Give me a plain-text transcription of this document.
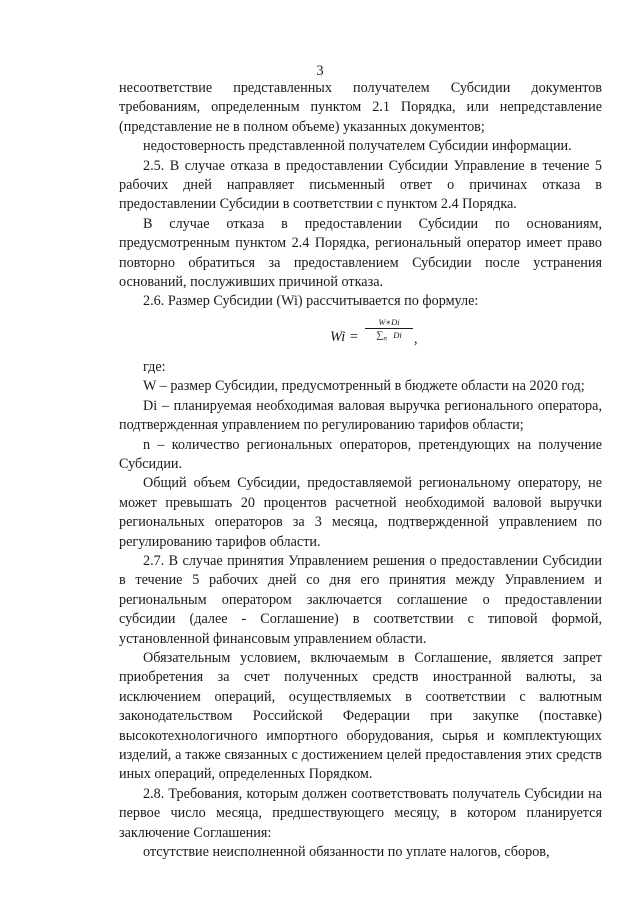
3

несоответствие представленных получателем Субсидии документов требованиям, определенным пунктом 2.1 Порядка, или непредставление (представление не в полном объеме) указанных документов;

недостоверность представленной получателем Субсидии информации.

2.5. В случае отказа в предоставлении Субсидии Управление в течение 5 рабочих дней направляет письменный ответ о причинах отказа в предоставлении Субсидии в соответствии с пунктом 2.4 Порядка.

В случае отказа в предоставлении Субсидии по основаниям, предусмотренным пунктом 2.4 Порядка, региональный оператор имеет право повторно обратиться за предоставлением Субсидии после устранения оснований, послуживших причиной отказа.

2.6. Размер Субсидии (Wi) рассчитывается по формуле:

$Wi = \frac{W∗Di}{\sum_n Di}$ ,

где:

W – размер Субсидии, предусмотренный в бюджете области на 2020 год;

Di – планируемая необходимая валовая выручка регионального оператора, подтвержденная управлением по регулированию тарифов области;

n – количество региональных операторов, претендующих на получение Субсидии.

Общий объем Субсидии, предоставляемой региональному оператору, не может превышать 20 процентов расчетной необходимой валовой выручки региональных операторов за 3 месяца, подтвержденной управлением по регулированию тарифов области.

2.7. В случае принятия Управлением решения о предоставлении Субсидии в течение 5 рабочих дней со дня его принятия между Управлением и региональным оператором заключается соглашение о предоставлении субсидии (далее - Соглашение) в соответствии с типовой формой, установленной финансовым управлением области.

Обязательным условием, включаемым в Соглашение, является запрет приобретения за счет полученных средств иностранной валюты, за исключением операций, осуществляемых в соответствии с валютным законодательством Российской Федерации при закупке (поставке) высокотехнологичного импортного оборудования, сырья и комплектующих изделий, а также связанных с достижением целей предоставления этих средств иных операций, определенных Порядком.

2.8. Требования, которым должен соответствовать получатель Субсидии на первое число месяца, предшествующего месяцу, в котором планируется заключение Соглашения:

отсутствие неисполненной обязанности по уплате налогов, сборов,
